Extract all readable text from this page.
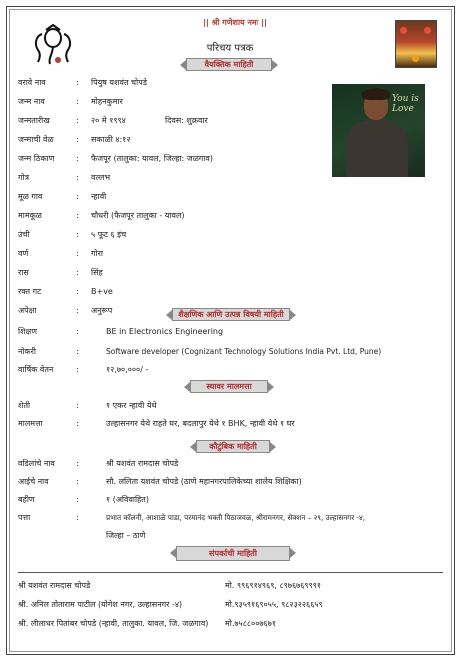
|| श्री गणेशाय नमः ||
परिचय पत्रक
वैयक्तिक माहिती
You is Love
वरावे नाव	: पियुष यशवंत चोपडे
जन्म नाव	: मोहनकुमार
जन्मतारीख	: २० मे १९९४	दिवस: शुक्रवार
जन्माची वेळ	: सकाळी ४:१२
जन्म ठिकाण	: फैजपूर (तालुका: यावल, जिल्हा: जळगाव)
गोत्र	: वल्लभ
मूळ गाव	: न्हावी
मामकूळ	: चौधरी (फैजपूर तालुका - यावल)
उंची	: ५ फूट ६ इंच
वर्ण	: गोरा
रास	: सिंह
रक्त गट	: B+ve
अपेक्षा	: अनुरूप	शैक्षणिक आणि उत्पन्न विषयी माहिती
शिक्षण	:	BE in Electronics Engineering
नोकरी	:	Software developer (Cognizant Technology Solutions India Pvt. Ltd, Pune)
वार्षिक वेतन	:	१२,७०,०००/ -
स्थावर मालमत्ता
शेती	:	१ एकर न्हावी येथे
मालमत्ता	:	उल्हासनगर येथे राहते घर, बदलापुर येथे १ BHK, न्हावी येथे १ घर
कौटुंबिक माहिती
वडिलांचे नाव	:	श्री यशवंत रामदास चोपडे
आईचे नाव	:	सौ. ललिता यशवंत चोपडे (ठाणे महानगरपालिकेच्या शालेय शिक्षिका)
बहीण	:	१ (अविवाहित)
पत्ता	:	प्रभात कॉलनी, आशाळे पाडा, परमानंद भक्ती पिठाजवळ, श्रीरामनगर, सेक्शन – २९, उल्हासनगर -४,
जिल्हा – ठाणे
संपर्काची माहिती
श्री यशवंत रामदास चोपडे	मो. ९९६९१४९६९, ८९७६७६९९९१
श्री. अनिल तोताराम पाटील (योगेश नगर, उल्हासनगर -४)	मो.९३५९१६९०५५, ९८२३२२६६५९
श्री. लीलाधर पितांबर चोपडे (न्हावी, तालुका. यावल, जि. जळगाव) मो.७५८८००७६७१
